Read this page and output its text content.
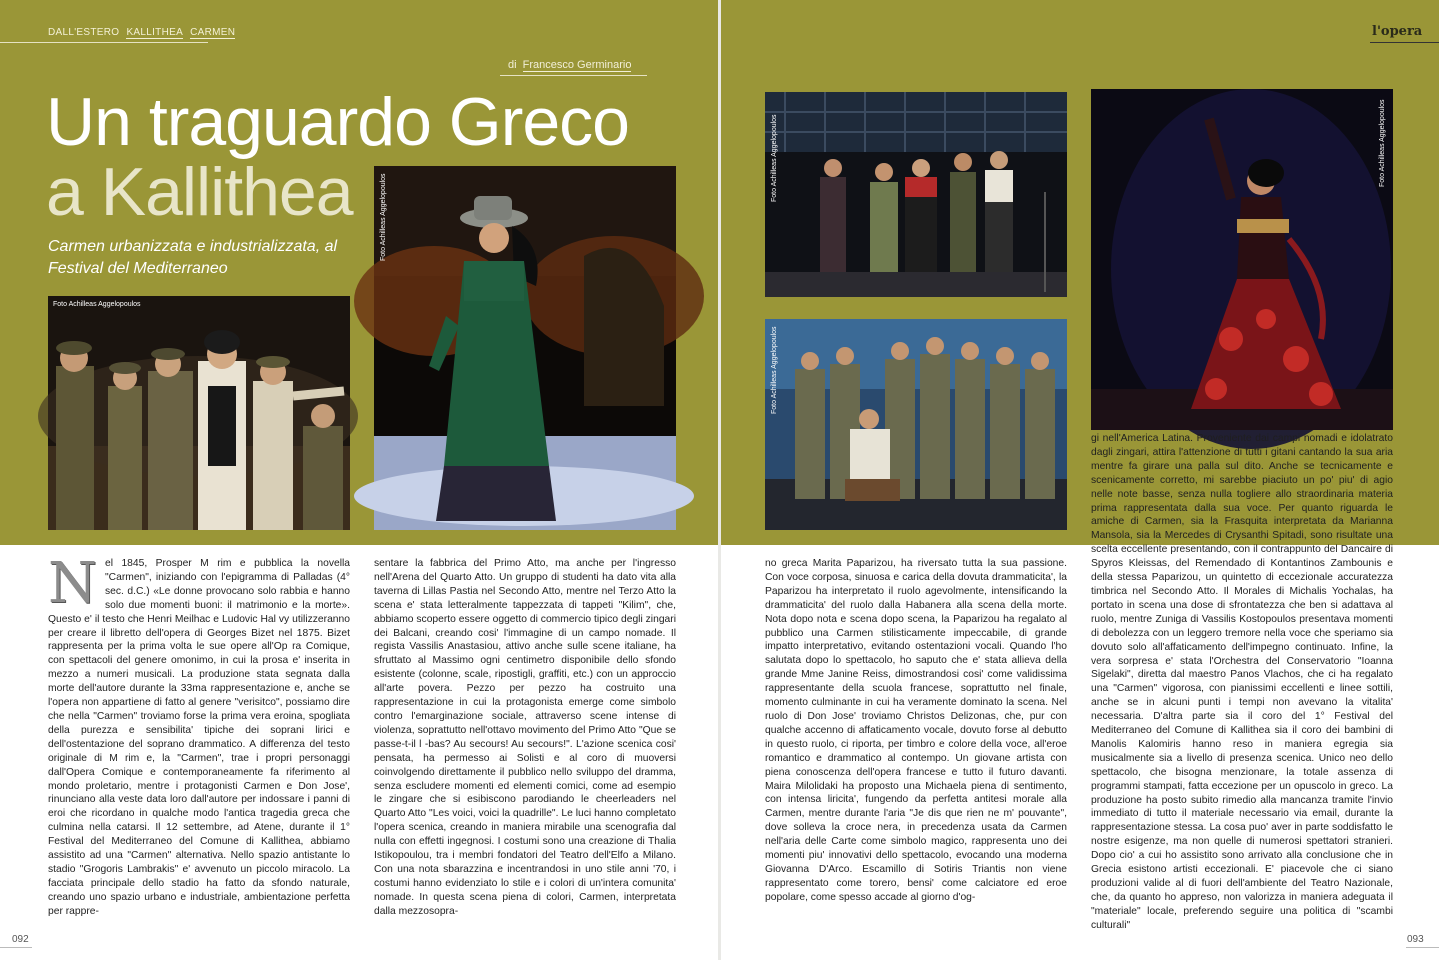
DALL'ESTERO KALLITHEA CARMEN	l'opera
di Francesco Germinario
Un traguardo Greco
a Kallithea
Carmen urbanizzata e industrializzata, al Festival del Mediterraneo
Foto Achilleas Aggelopoulos
Foto Achilleas Aggelopoulos
Foto Achilleas Aggelopoulos
Foto Achilleas Aggelopoulos
Foto Achilleas Aggelopoulos
N el 1845, Prosper M rim e pubblica la novella "Carmen", iniziando con l'epigramma di Palladas (4° sec. d.C.) «Le donne provocano solo rabbia e hanno solo due momenti buoni: il matrimonio e la morte». Questo e' il testo che Henri Meilhac e Ludovic Hal vy utilizzeranno per creare il libretto dell'opera di Georges Bizet nel 1875. Bizet rappresenta per la prima volta le sue opere all'Op ra Comique, con spettacoli del genere omonimo, in cui la prosa e' inserita in mezzo a numeri musicali. La produzione stata segnata dalla morte dell'autore durante la 33ma rappresentazione e, anche se l'opera non appartiene di fatto al genere "verisitco", possiamo dire che nella "Carmen" troviamo forse la prima vera eroina, spogliata della purezza e sensibilita' tipiche dei soprani lirici e dell'ostentazione del soprano drammatico. A differenza del testo originale di M rim e, la "Carmen", trae i propri personaggi dall'Opera Comique e contemporaneamente fa riferimento al mondo proletario, mentre i protagonisti Carmen e Don Jose', rinunciano alla veste data loro dall'autore per indossare i panni di eroi che ricordano in qualche modo l'antica tragedia greca che culmina nella catarsi. Il 12 settembre, ad Atene, durante il 1° Festival del Mediterraneo del Comune di Kallithea, abbiamo assistito ad una "Carmen" alternativa. Nello spazio antistante lo stadio "Grogoris Lambrakis" e' avvenuto un piccolo miracolo. La facciata principale dello stadio ha fatto da sfondo naturale, creando uno spazio urbano e industriale, ambientazione perfetta per rappre-
sentare la fabbrica del Primo Atto, ma anche per l'ingresso nell'Arena del Quarto Atto. Un gruppo di studenti ha dato vita alla taverna di Lillas Pastia nel Secondo Atto, mentre nel Terzo Atto la scena e' stata letteralmente tappezzata di tappeti "Kilim", che, abbiamo scoperto essere oggetto di commercio tipico degli zingari dei Balcani, creando cosi' l'immagine di un campo nomade. Il regista Vassilis Anastasiou, attivo anche sulle scene italiane, ha sfruttato al Massimo ogni centimetro disponibile dello sfondo esistente (colonne, scale, ripostigli, graffiti, etc.) con un approccio all'arte povera. Pezzo per pezzo ha costruito una rappresentazione in cui la protagonista emerge come simbolo contro l'emarginazione sociale, attraverso scene intense di violenza, soprattutto nell'ottavo movimento del Primo Atto "Que se passe-t-il l -bas? Au secours! Au secours!". L'azione scenica cosi' pensata, ha permesso ai Solisti e al coro di muoversi coinvolgendo direttamente il pubblico nello sviluppo del dramma, senza escludere momenti ed elementi comici, come ad esempio le zingare che si esibiscono parodiando le cheerleaders nel Quarto Atto "Les voici, voici la quadrille". Le luci hanno completato l'opera scenica, creando in maniera mirabile una scenografia dal nulla con effetti ingegnosi. I costumi sono una creazione di Thalia Istikopoulou, tra i membri fondatori del Teatro dell'Elfo a Milano. Con una nota sbarazzina e incentrandosi in uno stile anni '70, i costumi hanno evidenziato lo stile e i colori di un'intera comunita' nomade. In questa scena piena di colori, Carmen, interpretata dalla mezzosopra-
no greca Marita Paparizou, ha riversato tutta la sua passione. Con voce corposa, sinuosa e carica della dovuta drammaticita', la Paparizou ha interpretato il ruolo agevolmente, intensificando la drammaticita' del ruolo dalla Habanera alla scena della morte. Nota dopo nota e scena dopo scena, la Paparizou ha regalato al pubblico una Carmen stilisticamente impeccabile, di grande impatto interpretativo, evitando ostentazioni vocali. Quando l'ho salutata dopo lo spettacolo, ho saputo che e' stata allieva della grande Mme Janine Reiss, dimostrandosi cosi' come validissima rappresentante della scuola francese, soprattutto nel finale, momento culminante in cui ha veramente dominato la scena. Nel ruolo di Don Jose' troviamo Christos Delizonas, che, pur con qualche accenno di affaticamento vocale, dovuto forse al debutto in questo ruolo, ci riporta, per timbro e colore della voce, all'eroe romantico e drammatico al contempo. Un giovane artista con piena conoscenza dell'opera francese e tutto il futuro davanti. Maira Milolidaki ha proposto una Michaela piena di sentimento, con intensa liricita', fungendo da perfetta antitesi morale alla Carmen, mentre durante l'aria "Je dis que rien ne m' pouvante", dove solleva la croce nera, in precedenza usata da Carmen nell'aria delle Carte come simbolo magico, rappresenta uno dei momenti piu' innovativi dello spettacolo, evocando una moderna Giovanna D'Arco. Escamillo di Sotiris Triantis non viene rappresentato come torero, bensi' come calciatore ed eroe popolare, come spesso accade al giorno d'og-
gi nell'America Latina. Proveniente dai campi nomadi e idolatrato dagli zingari, attira l'attenzione di tutti i gitani cantando la sua aria mentre fa girare una palla sul dito. Anche se tecnicamente e scenicamente corretto, mi sarebbe piaciuto un po' piu' di agio nelle note basse, senza nulla togliere allo straordinaria materia prima rappresentata dalla sua voce. Per quanto riguarda le amiche di Carmen, sia la Frasquita interpretata da Marianna Mansola, sia la Mercedes di Crysanthi Spitadi, sono risultate una scelta eccellente presentando, con il contrappunto del Dancaire di Spyros Kleissas, del Remendado di Kontantinos Zambounis e della stessa Paparizou, un quintetto di eccezionale accuratezza timbrica nel Secondo Atto. Il Morales di Michalis Yochalas, ha portato in scena una dose di sfrontatezza che ben si adattava al ruolo, mentre Zuniga di Vassilis Kostopoulos presentava momenti di debolezza con un leggero tremore nella voce che speriamo sia dovuto solo all'affaticamento dell'impegno continuato. Infine, la vera sorpresa e' stata l'Orchestra del Conservatorio "Ioanna Sigelaki", diretta dal maestro Panos Vlachos, che ci ha regalato una "Carmen" vigorosa, con pianissimi eccellenti e linee sottili, anche se in alcuni punti i tempi non avevano la vitalita' necessaria. D'altra parte sia il coro del 1° Festival del Mediterraneo del Comune di Kallithea sia il coro dei bambini di Manolis Kalomiris hanno reso in maniera egregia sia musicalmente sia a livello di presenza scenica. Unico neo dello spettacolo, che bisogna menzionare, la totale assenza di programmi stampati, fatta eccezione per un opuscolo in greco. La produzione ha posto subito rimedio alla mancanza tramite l'invio immediato di tutto il materiale necessario via email, durante la rappresentazione stessa. La cosa puo' aver in parte soddisfatto le nostre esigenze, ma non quelle di numerosi spettatori stranieri. Dopo cio' a cui ho assistito sono arrivato alla conclusione che in Grecia esistono artisti eccezionali. E' piacevole che ci siano produzioni valide al di fuori dell'ambiente del Teatro Nazionale, che, da quanto ho appreso, non valorizza in maniera adeguata il "materiale" locale, preferendo seguire una politica di "scambi culturali"
092	093
